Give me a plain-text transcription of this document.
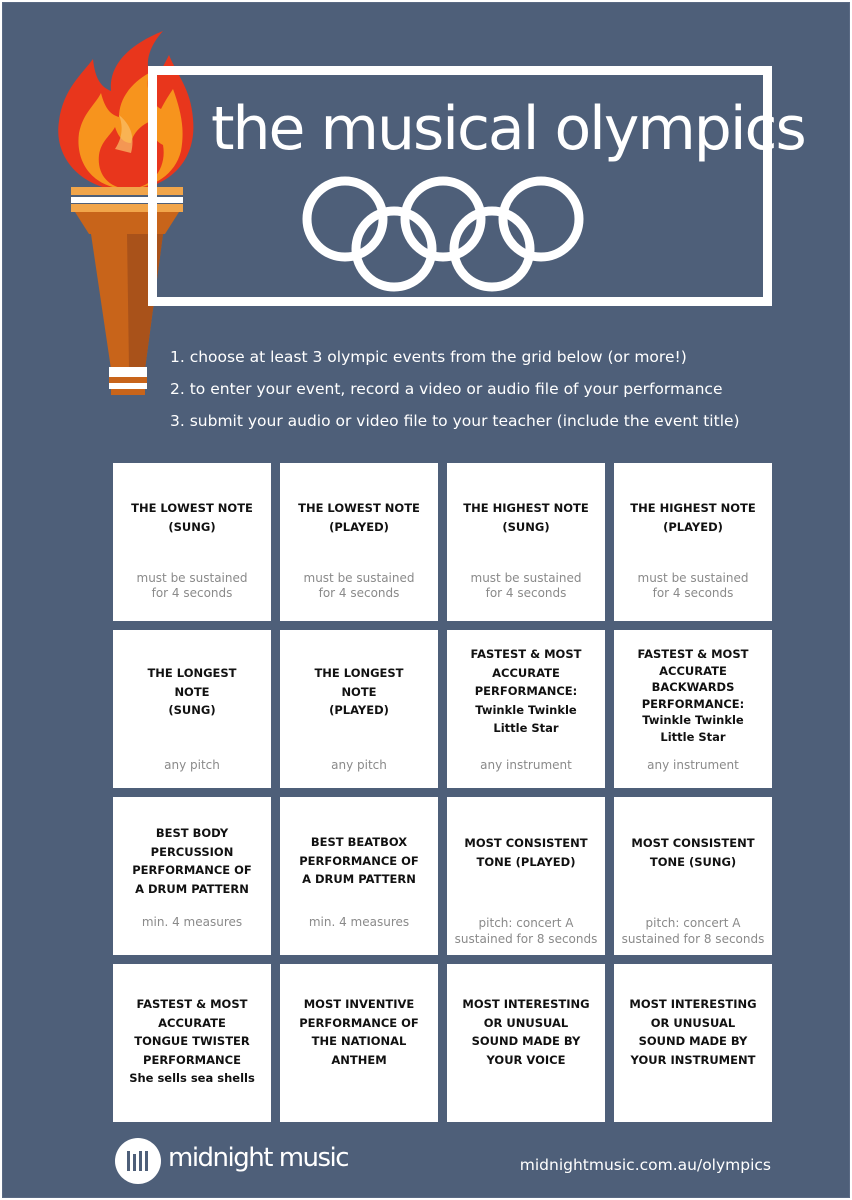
the musical olympics
1. choose at least 3 olympic events from the grid below (or more!)
2. to enter your event, record a video or audio file of your performance
3. submit your audio or video file to your teacher (include the event title)
THE LOWEST NOTE
(SUNG)
must be sustained
for 4 seconds
THE LOWEST NOTE
(PLAYED)
must be sustained
for 4 seconds
THE HIGHEST NOTE
(SUNG)
must be sustained
for 4 seconds
THE HIGHEST NOTE
(PLAYED)
must be sustained
for 4 seconds
THE LONGEST
NOTE
(SUNG)
any pitch
THE LONGEST
NOTE
(PLAYED)
any pitch
FASTEST & MOST
ACCURATE
PERFORMANCE:
Twinkle Twinkle
Little Star
any instrument
FASTEST & MOST
ACCURATE
BACKWARDS
PERFORMANCE:
Twinkle Twinkle
Little Star
any instrument
BEST BODY
PERCUSSION
PERFORMANCE OF
A DRUM PATTERN
min. 4 measures
BEST BEATBOX
PERFORMANCE OF
A DRUM PATTERN
min. 4 measures
MOST CONSISTENT
TONE (PLAYED)
pitch: concert A
sustained for 8 seconds
MOST CONSISTENT
TONE (SUNG)
pitch: concert A
sustained for 8 seconds
FASTEST & MOST
ACCURATE
TONGUE TWISTER
PERFORMANCE
She sells sea shells
MOST INVENTIVE
PERFORMANCE OF
THE NATIONAL
ANTHEM
MOST INTERESTING
OR UNUSUAL
SOUND MADE BY
YOUR VOICE
MOST INTERESTING
OR UNUSUAL
SOUND MADE BY
YOUR INSTRUMENT
midnight music	midnightmusic.com.au/olympics
